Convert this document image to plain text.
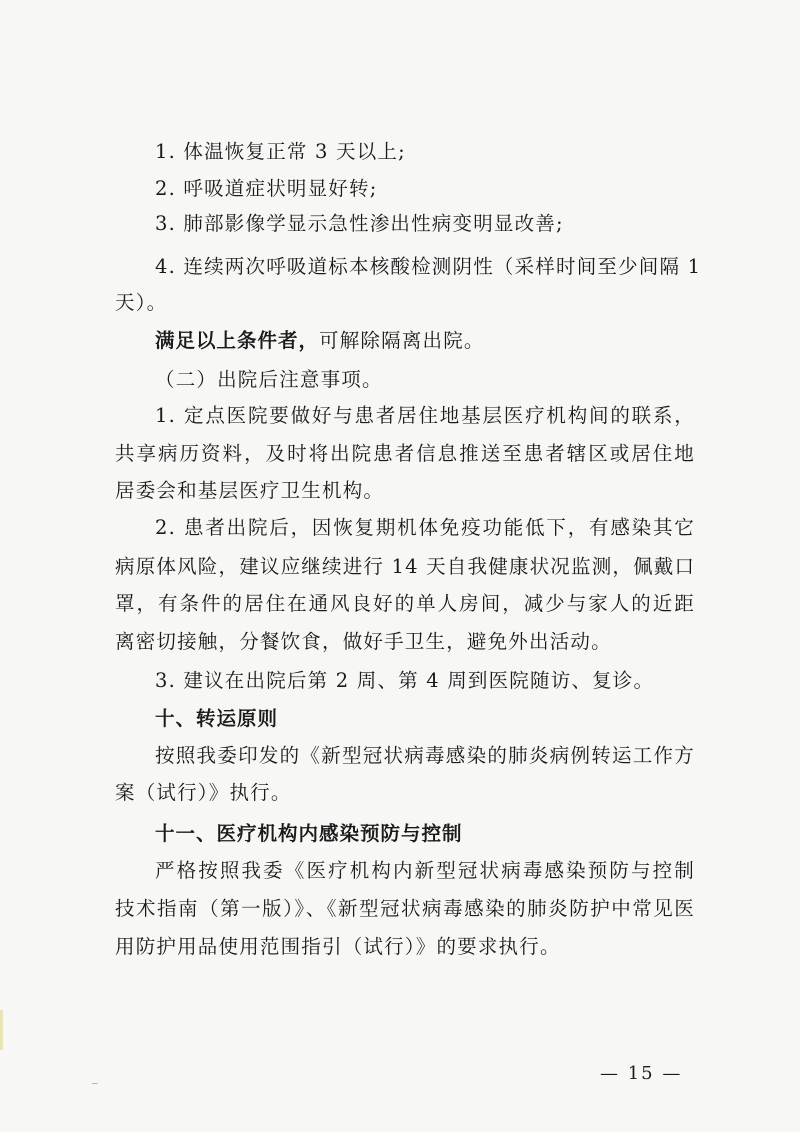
1. 体温恢复正常 3 天以上;
2. 呼吸道症状明显好转;
3. 肺部影像学显示急性渗出性病变明显改善;
4. 连续两次呼吸道标本核酸检测阴性（采样时间至少间隔 1
天）。
满足以上条件者，可解除隔离出院。
（二）出院后注意事项。
1. 定点医院要做好与患者居住地基层医疗机构间的联系，
共享病历资料，及时将出院患者信息推送至患者辖区或居住地
居委会和基层医疗卫生机构。
2. 患者出院后，因恢复期机体免疫功能低下，有感染其它
病原体风险，建议应继续进行 14 天自我健康状况监测，佩戴口
罩，有条件的居住在通风良好的单人房间，减少与家人的近距
离密切接触，分餐饮食，做好手卫生，避免外出活动。
3. 建议在出院后第 2 周、第 4 周到医院随访、复诊。
十、转运原则
按照我委印发的《新型冠状病毒感染的肺炎病例转运工作方
案（试行）》执行。
十一、医疗机构内感染预防与控制
严格按照我委《医疗机构内新型冠状病毒感染预防与控制
技术指南（第一版）》、《新型冠状病毒感染的肺炎防护中常见医
用防护用品使用范围指引（试行）》的要求执行。
— 15 —
